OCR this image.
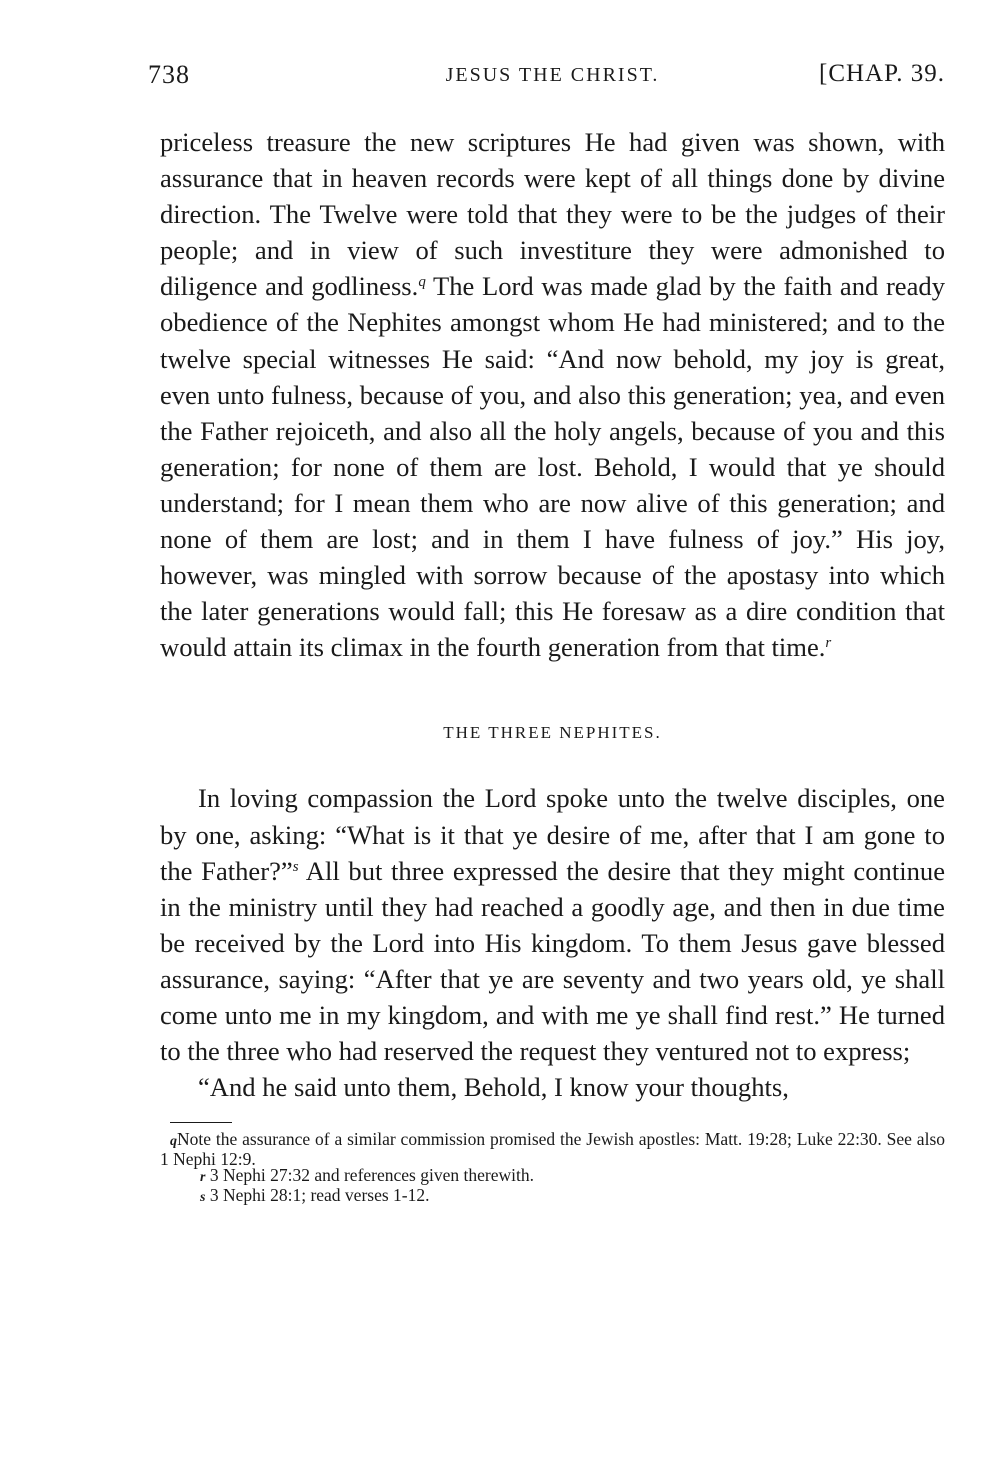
738	JESUS THE CHRIST.	[CHAP. 39.

priceless treasure the new scriptures He had given was shown, with assurance that in heaven records were kept of all things done by divine direction. The Twelve were told that they were to be the judges of their people; and in view of such investiture they were admonished to diligence and godliness.$^q$ The Lord was made glad by the faith and ready obedience of the Nephites amongst whom He had ministered; and to the twelve special witnesses He said: “And now behold, my joy is great, even unto fulness, because of you, and also this generation; yea, and even the Father rejoiceth, and also all the holy angels, because of you and this generation; for none of them are lost. Behold, I would that ye should understand; for I mean them who are now alive of this generation; and none of them are lost; and in them I have fulness of joy.” His joy, however, was mingled with sorrow because of the apostasy into which the later generations would fall; this He foresaw as a dire condition that would attain its climax in the fourth generation from that time.$^r$

THE THREE NEPHITES.

In loving compassion the Lord spoke unto the twelve disciples, one by one, asking: “What is it that ye desire of me, after that I am gone to the Father?”$^s$ All but three expressed the desire that they might continue in the ministry until they had reached a goodly age, and then in due time be received by the Lord into His kingdom. To them Jesus gave blessed assurance, saying: “After that ye are seventy and two years old, ye shall come unto me in my kingdom, and with me ye shall find rest.” He turned to the three who had reserved the request they ventured not to express;

“And he said unto them, Behold, I know your thoughts,

qNote the assurance of a similar commission promised the Jewish apostles: Matt. 19:28; Luke 22:30. See also 1 Nephi 12:9.

r 3 Nephi 27:32 and references given therewith.

s 3 Nephi 28:1; read verses 1-12.
